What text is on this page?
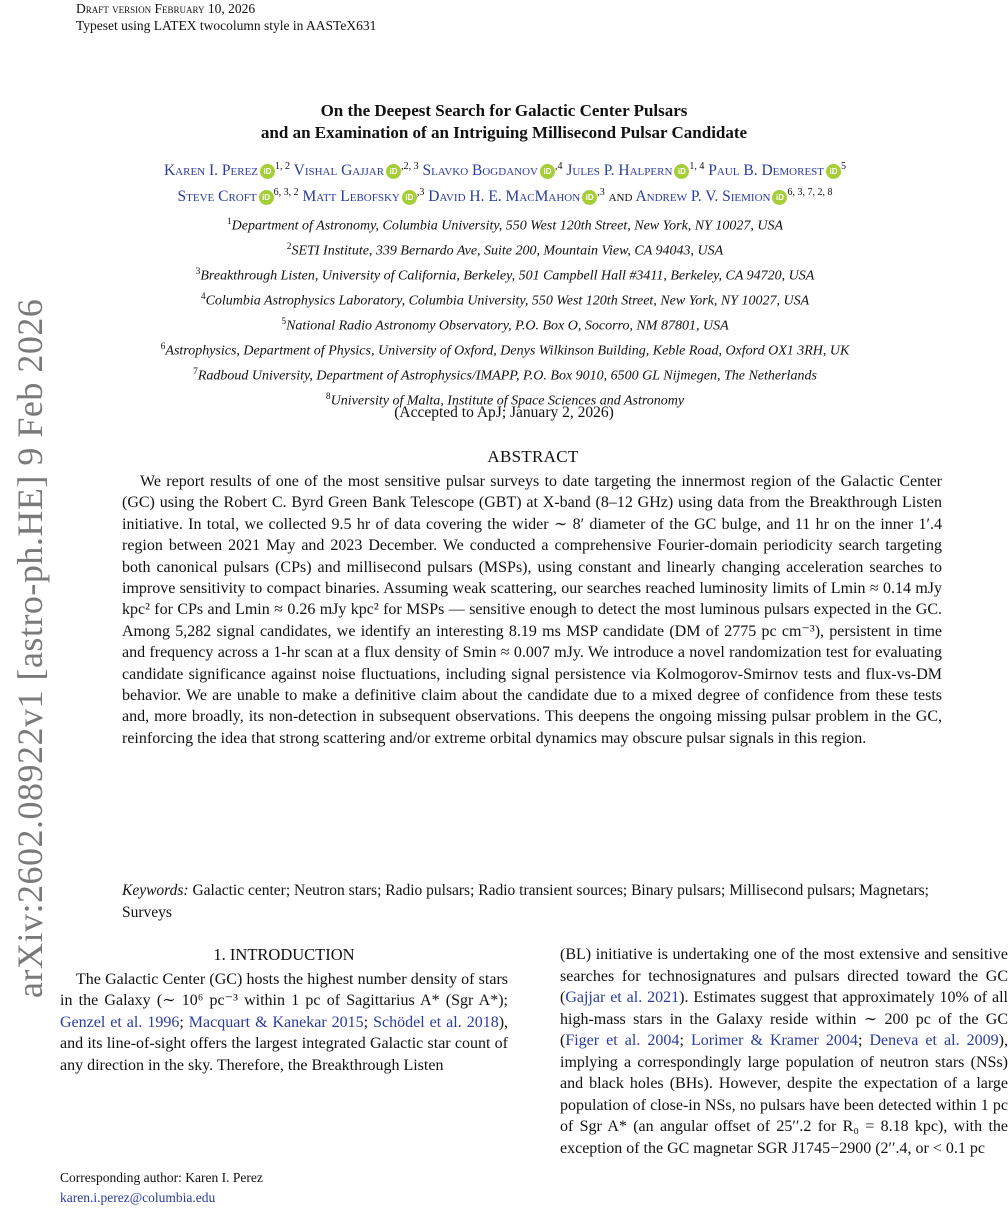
Draft version February 10, 2026
Typeset using LATEX twocolumn style in AASTeX631
arXiv:2602.08922v1 [astro-ph.HE] 9 Feb 2026
On the Deepest Search for Galactic Center Pulsars
and an Examination of an Intriguing Millisecond Pulsar Candidate
Karen I. Perez iD $^{1, 2}$ Vishal Gajjar iD $^{,2, 3}$ Slavko Bogdanov iD $^{,4}$ Jules P. Halpern iD $^{1, 4}$ Paul B. Demorest iD $^5$
Steve Croft iD $^{6, 3, 2}$ Matt Lebofsky iD $^{,3}$ David H. E. MacMahon iD $^{,3}$ and Andrew P. V. Siemion iD $^{6, 3, 7, 2, 8}$
$^1$Department of Astronomy, Columbia University, 550 West 120th Street, New York, NY 10027, USA
$^2$SETI Institute, 339 Bernardo Ave, Suite 200, Mountain View, CA 94043, USA
$^3$Breakthrough Listen, University of California, Berkeley, 501 Campbell Hall #3411, Berkeley, CA 94720, USA
$^4$Columbia Astrophysics Laboratory, Columbia University, 550 West 120th Street, New York, NY 10027, USA
$^5$National Radio Astronomy Observatory, P.O. Box O, Socorro, NM 87801, USA
$^6$Astrophysics, Department of Physics, University of Oxford, Denys Wilkinson Building, Keble Road, Oxford OX1 3RH, UK
$^7$Radboud University, Department of Astrophysics/IMAPP, P.O. Box 9010, 6500 GL Nijmegen, The Netherlands
$^8$University of Malta, Institute of Space Sciences and Astronomy
(Accepted to ApJ; January 2, 2026)
ABSTRACT
We report results of one of the most sensitive pulsar surveys to date targeting the innermost region of the Galactic Center (GC) using the Robert C. Byrd Green Bank Telescope (GBT) at X-band (8–12 GHz) using data from the Breakthrough Listen initiative. In total, we collected 9.5 hr of data covering the wider ∼ 8′ diameter of the GC bulge, and 11 hr on the inner 1′.4 region between 2021 May and 2023 December. We conducted a comprehensive Fourier-domain periodicity search targeting both canonical pulsars (CPs) and millisecond pulsars (MSPs), using constant and linearly changing acceleration searches to improve sensitivity to compact binaries. Assuming weak scattering, our searches reached luminosity limits of Lmin ≈ 0.14 mJy kpc² for CPs and Lmin ≈ 0.26 mJy kpc² for MSPs — sensitive enough to detect the most luminous pulsars expected in the GC. Among 5,282 signal candidates, we identify an interesting 8.19 ms MSP candidate (DM of 2775 pc cm⁻³), persistent in time and frequency across a 1-hr scan at a flux density of Smin ≈ 0.007 mJy. We introduce a novel randomization test for evaluating candidate significance against noise fluctuations, including signal persistence via Kolmogorov-Smirnov tests and flux-vs-DM behavior. We are unable to make a definitive claim about the candidate due to a mixed degree of confidence from these tests and, more broadly, its non-detection in subsequent observations. This deepens the ongoing missing pulsar problem in the GC, reinforcing the idea that strong scattering and/or extreme orbital dynamics may obscure pulsar signals in this region.
Keywords: Galactic center; Neutron stars; Radio pulsars; Radio transient sources; Binary pulsars; Millisecond pulsars; Magnetars; Surveys
1. INTRODUCTION

The Galactic Center (GC) hosts the highest number density of stars in the Galaxy (∼ 10⁶ pc⁻³ within 1 pc of Sagittarius A* (Sgr A*); Genzel et al. 1996; Macquart & Kanekar 2015; Schödel et al. 2018), and its line-of-sight offers the largest integrated Galactic star count of any direction in the sky. Therefore, the Breakthrough Listen

(BL) initiative is undertaking one of the most extensive and sensitive searches for technosignatures and pulsars directed toward the GC (Gajjar et al. 2021). Estimates suggest that approximately 10% of all high-mass stars in the Galaxy reside within ∼ 200 pc of the GC (Figer et al. 2004; Lorimer & Kramer 2004; Deneva et al. 2009), implying a correspondingly large population of neutron stars (NSs) and black holes (BHs). However, despite the expectation of a large population of close-in NSs, no pulsars have been detected within 1 pc of Sgr A* (an angular offset of 25′′.2 for R₀ = 8.18 kpc), with the exception of the GC magnetar SGR J1745−2900 (2′′.4, or < 0.1 pc

Corresponding author: Karen I. Perez
karen.i.perez@columbia.edu
